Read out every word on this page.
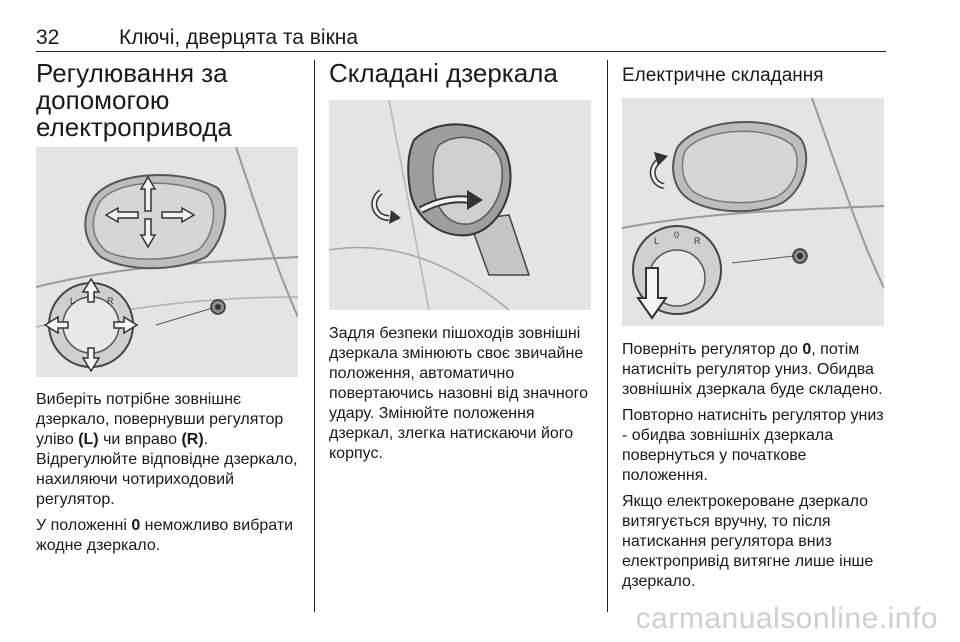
32	Ключі, дверцята та вікна
Регулювання за допомогою електропривода
L	R

Виберіть потрібне зовнішнє дзеркало, повернувши регулятор уліво (L) чи вправо (R). Відрегулюйте відповідне дзеркало, нахиляючи чотириходовий регулятор.

У положенні 0 неможливо вибрати жодне дзеркало.

Складані дзеркала

Задля безпеки пішоходів зовнішні дзеркала змінюють своє звичайне положення, автоматично повертаючись назовні від значного удару. Змінюйте положення дзеркал, злегка натискаючи його корпус.

Електричне складання
L
0
R

Поверніть регулятор до 0, потім натисніть регулятор униз. Обидва зовнішніх дзеркала буде складено.

Повторно натисніть регулятор униз - обидва зовнішніх дзеркала повернуться у початкове положення.

Якщо електрокероване дзеркало витягується вручну, то після натискання регулятора вниз електропривід витягне лише інше дзеркало.

carmanualsonline.info
